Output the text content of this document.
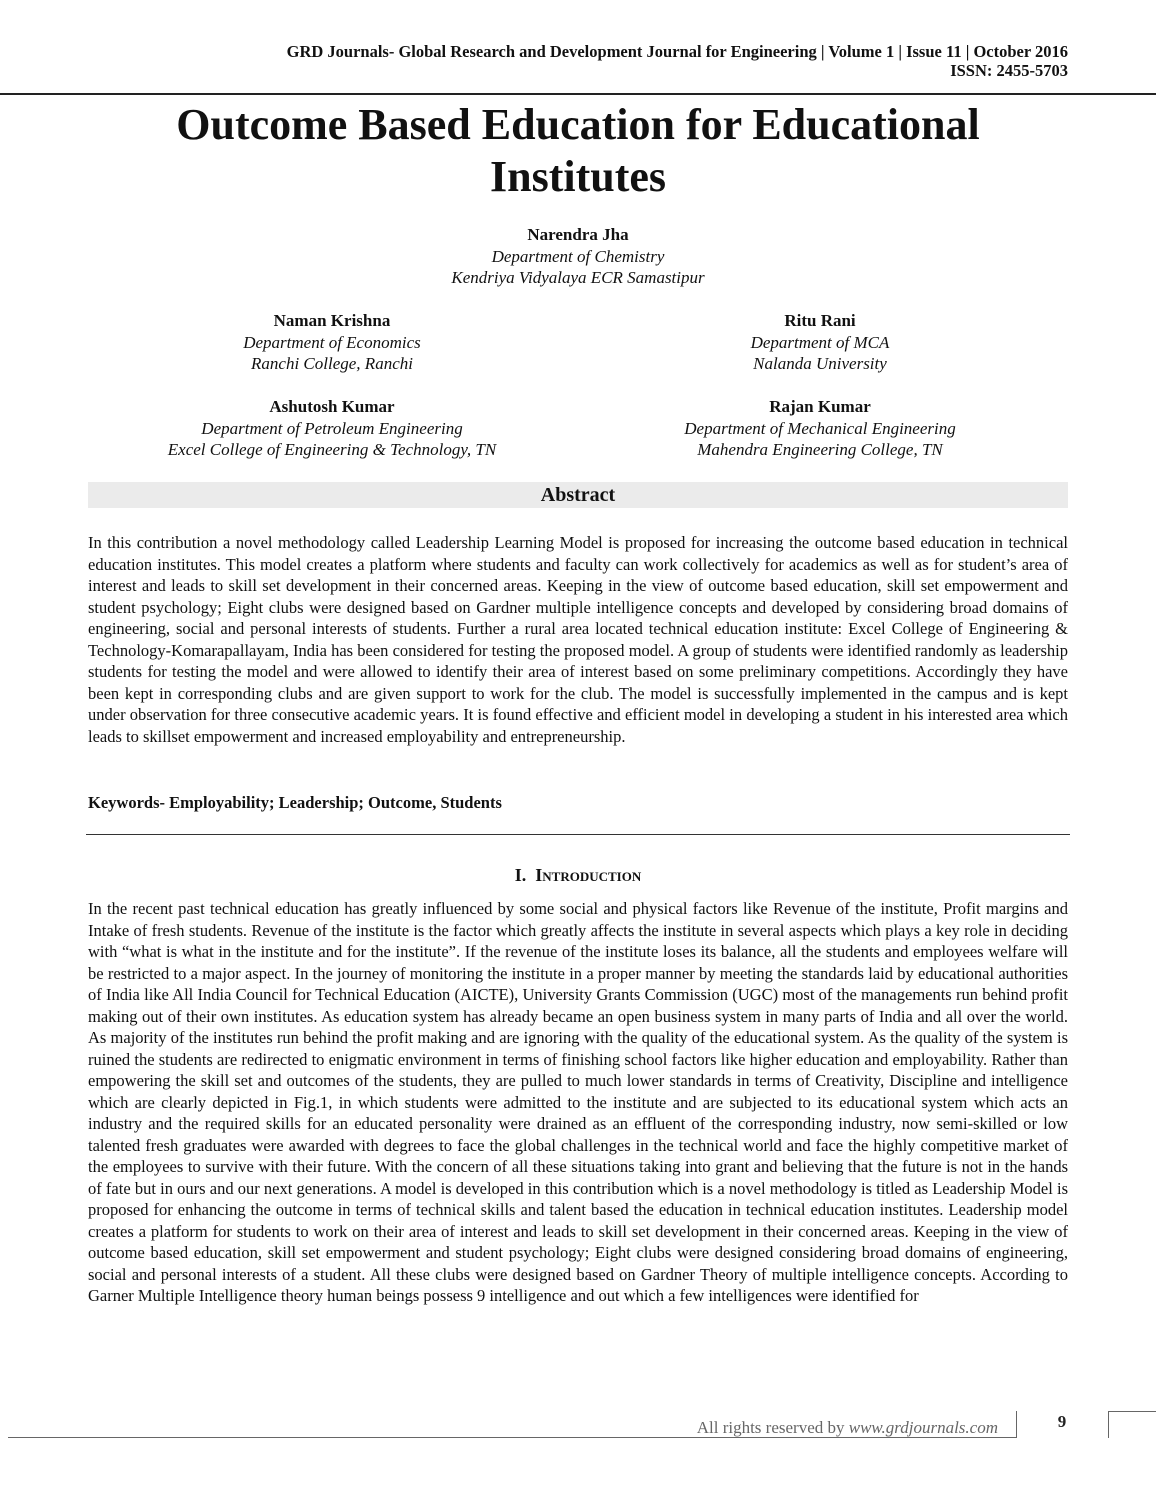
GRD Journals- Global Research and Development Journal for Engineering | Volume 1 | Issue 11 | October 2016
ISSN: 2455-5703
Outcome Based Education for Educational
Institutes
Narendra Jha
Department of Chemistry
Kendriya Vidyalaya ECR Samastipur
Naman Krishna
Department of Economics
Ranchi College, Ranchi
Ritu Rani
Department of MCA
Nalanda University
Ashutosh Kumar
Department of Petroleum Engineering
Excel College of Engineering & Technology, TN
Rajan Kumar
Department of Mechanical Engineering
Mahendra Engineering College, TN
Abstract

In this contribution a novel methodology called Leadership Learning Model is proposed for increasing the outcome based education in technical education institutes. This model creates a platform where students and faculty can work collectively for academics as well as for student’s area of interest and leads to skill set development in their concerned areas. Keeping in the view of outcome based education, skill set empowerment and student psychology; Eight clubs were designed based on Gardner multiple intelligence concepts and developed by considering broad domains of engineering, social and personal interests of students. Further a rural area located technical education institute: Excel College of Engineering & Technology-Komarapallayam, India has been considered for testing the proposed model. A group of students were identified randomly as leadership students for testing the model and were allowed to identify their area of interest based on some preliminary competitions. Accordingly they have been kept in corresponding clubs and are given support to work for the club. The model is successfully implemented in the campus and is kept under observation for three consecutive academic years. It is found effective and efficient model in developing a student in his interested area which leads to skillset empowerment and increased employability and entrepreneurship.

Keywords- Employability; Leadership; Outcome, Students
I. Introduction

In the recent past technical education has greatly influenced by some social and physical factors like Revenue of the institute, Profit margins and Intake of fresh students. Revenue of the institute is the factor which greatly affects the institute in several aspects which plays a key role in deciding with “what is what in the institute and for the institute”. If the revenue of the institute loses its balance, all the students and employees welfare will be restricted to a major aspect. In the journey of monitoring the institute in a proper manner by meeting the standards laid by educational authorities of India like All India Council for Technical Education (AICTE), University Grants Commission (UGC) most of the managements run behind profit making out of their own institutes. As education system has already became an open business system in many parts of India and all over the world. As majority of the institutes run behind the profit making and are ignoring with the quality of the educational system. As the quality of the system is ruined the students are redirected to enigmatic environment in terms of finishing school factors like higher education and employability. Rather than empowering the skill set and outcomes of the students, they are pulled to much lower standards in terms of Creativity, Discipline and intelligence which are clearly depicted in Fig.1, in which students were admitted to the institute and are subjected to its educational system which acts an industry and the required skills for an educated personality were drained as an effluent of the corresponding industry, now semi-skilled or low talented fresh graduates were awarded with degrees to face the global challenges in the technical world and face the highly competitive market of the employees to survive with their future. With the concern of all these situations taking into grant and believing that the future is not in the hands of fate but in ours and our next generations. A model is developed in this contribution which is a novel methodology is titled as Leadership Model is proposed for enhancing the outcome in terms of technical skills and talent based the education in technical education institutes. Leadership model creates a platform for students to work on their area of interest and leads to skill set development in their concerned areas. Keeping in the view of outcome based education, skill set empowerment and student psychology; Eight clubs were designed considering broad domains of engineering, social and personal interests of a student. All these clubs were designed based on Gardner Theory of multiple intelligence concepts. According to Garner Multiple Intelligence theory human beings possess 9 intelligence and out which a few intelligences were identified for

All rights reserved by www.grdjournals.com	9
